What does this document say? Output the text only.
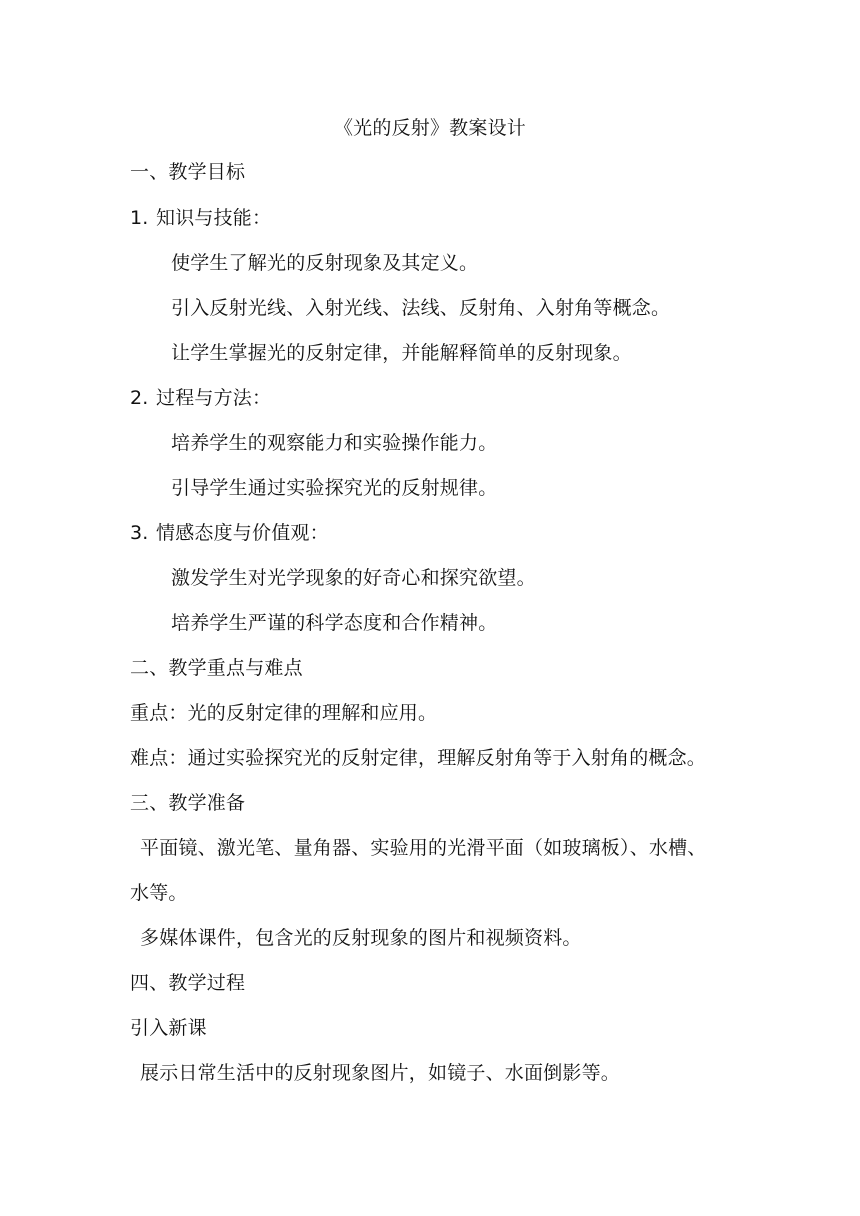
《光的反射》教案设计
一、教学目标
1. 知识与技能：
使学生了解光的反射现象及其定义。
引入反射光线、入射光线、法线、反射角、入射角等概念。
让学生掌握光的反射定律，并能解释简单的反射现象。
2. 过程与方法：
培养学生的观察能力和实验操作能力。
引导学生通过实验探究光的反射规律。
3. 情感态度与价值观：
激发学生对光学现象的好奇心和探究欲望。
培养学生严谨的科学态度和合作精神。
二、教学重点与难点
重点：光的反射定律的理解和应用。
难点：通过实验探究光的反射定律，理解反射角等于入射角的概念。
三、教学准备
平面镜、激光笔、量角器、实验用的光滑平面（如玻璃板）、水槽、
水等。
多媒体课件，包含光的反射现象的图片和视频资料。
四、教学过程
引入新课
展示日常生活中的反射现象图片，如镜子、水面倒影等。
